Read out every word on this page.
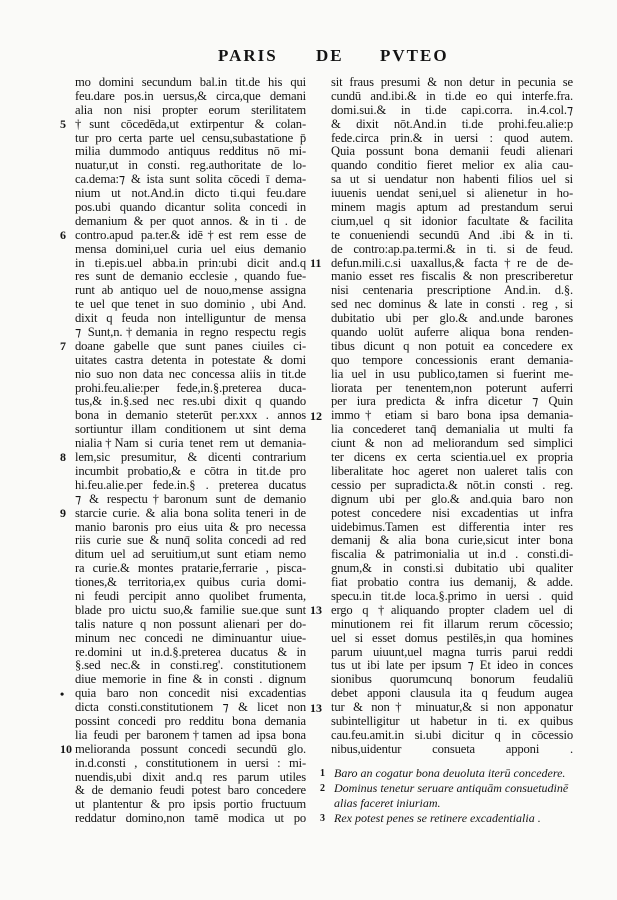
PARIS DE PVTEO
mo domini secundum bal.in tit.de his qui
feu.dare pos.in uersus,& circa,que demani
alia non nisi propter eorum sterilitatem
†sunt cōcedēda,ut extirpentur & colan-
tur pro certa parte uel censu,subastatione p̄
milia dummodo antiquus redditus nō mi-
nuatur,ut in consti. reg.authoritate de lo-
ca.dema:⁊ & ista sunt solita cōcedi ī dema-
nium ut not.And.in dicto ti.qui feu.dare
pos.ubi quando dicantur solita concedi in
demanium & per quot annos. & in ti . de
contro.apud pa.ter.& idē†est rem esse de
mensa domini,uel curia uel eius demanio
in ti.epis.uel abba.in prin:ubi dicit and.q
res sunt de demanio ecclesie , quando fue-
runt ab antiquo uel de nouo,mense assigna
te uel que tenet in suo dominio , ubi And.
dixit q feuda non intelliguntur de mensa
⁊ Sunt,n.†demania in regno respectu regis
doane gabelle que sunt panes ciuiles ci-
uitates castra detenta in potestate & domi
nio suo non data nec concessa aliis in tit.de
prohi.feu.alie:per fede,in.§.preterea duca-
tus,& in.§.sed nec res.ubi dixit q quando
bona in demanio steterūt per.xxx . annos
sortiuntur illam conditionem ut sint dema
nialia†Nam si curia tenet rem ut demania-
lem,sic presumitur, & dicenti contrarium
incumbit probatio,& e cōtra in tit.de pro
hi.feu.alie.per fede.in.§ . preterea ducatus
⁊ & respectu†baronum sunt de demanio
starcie curie. & alia bona solita teneri in de
manio baronis pro eius uita & pro necessa
riis curie sue & nunq̄ solita concedi ad red
ditum uel ad seruitium,ut sunt etiam nemo
ra curie.& montes pratarie,ferrarie , pisca-
tiones,& territoria,ex quibus curia domi-
ni feudi percipit anno quolibet frumenta,
blade pro uictu suo,& familie sue.que sunt
talis nature q non possunt alienari per do-
minum nec concedi ne diminuantur uiue-
re.domini ut in.d.§.preterea ducatus & in
§.sed nec.& in consti.reg'. constitutionem
diue memorie in fine & in consti . dignum
quia baro non concedit nisi excadentias
dicta consti.constitutionem ⁊ & licet non
possint concedi pro redditu bona demania
lia feudi per baronem†tamen ad ipsa bona
melioranda possunt concedi secundū glo.
in.d.consti , constitutionem in uersi : mi-
nuendis,ubi dixit and.q res parum utiles
& de demanio feudi potest baro concedere
ut plantentur & pro ipsis portio fructuum
reddatur domino,non tamē modica ut po
sit fraus presumi & non detur in pecunia se
cundū and.ibi.& in ti.de eo qui interfe.fra.
domi.sui.& in ti.de capi.corra. in.4.col.⁊
& dixit nōt.And.in ti.de prohi.feu.alie:p
fede.circa prin.& in uersi : quod autem.
Quia possunt bona demanii feudi alienari
quando conditio fieret melior ex alia cau-
sa ut si uendatur non habenti filios uel si
iuuenis uendat seni,uel si alienetur in ho-
minem magis aptum ad prestandum serui
cium,uel q sit idonior facultate & facilita
te conueniendi secundū And .ibi & in ti.
de contro:ap.pa.termi.& in ti. si de feud.
defun.mili.c.si uaxallus,& facta†re de de-
manio esset res fiscalis & non prescriberetur
nisi centenaria prescriptione And.in. d.§.
sed nec dominus & late in consti . reg , si
dubitatio ubi per glo.& and.unde barones
quando uolūt auferre aliqua bona renden-
tibus dicunt q non potuit ea concedere ex
quo tempore concessionis erant demania-
lia uel in usu publico,tamen si fuerint me-
liorata per tenentem,non poterunt auferri
per iura predicta & infra dicetur ⁊ Quin
immo† etiam si baro bona ipsa demania-
lia concederet tanq̄ demanialia ut multi fa
ciunt & non ad meliorandum sed simplici
ter dicens ex certa scientia.uel ex propria
liberalitate hoc ageret non ualeret talis con
cessio per supradicta.& nōt.in consti . reg.
dignum ubi per glo.& and.quia baro non
potest concedere nisi excadentias ut infra
uidebimus.Tamen est differentia inter res
demanij & alia bona curie,sicut inter bona
fiscalia & patrimonialia ut in.d . consti.di-
gnum,& in consti.si dubitatio ubi qualiter
fiat probatio contra ius demanij, & adde.
specu.in tit.de loca.§.primo in uersi . quid
ergo q †aliquando propter cladem uel di
minutionem rei fit illarum rerum cōcessio;
uel si esset domus pestilēs,in qua homines
parum uiuunt,uel magna turris parui reddi
tus ut ibi late per ipsum ⁊ Et ideo in conces
sionibus quorumcunq bonorum feudaliū
debet apponi clausula ita q feudum augea
tur & non† minuatur,& si non apponatur
subintelligitur ut habetur in ti. ex quibus
cau.feu.amit.in si.ubi dicitur q in cōcessio
nibus,uidentur consueta apponi .
5
6
7
8
9
•
10
11
12
13
13
1 Baro an cogatur bona deuoluta iterū concedere.
2 Dominus tenetur seruare antiquām consuetudinē
alias faceret iniuriam.
3 Rex potest penes se retinere excadentialia .
